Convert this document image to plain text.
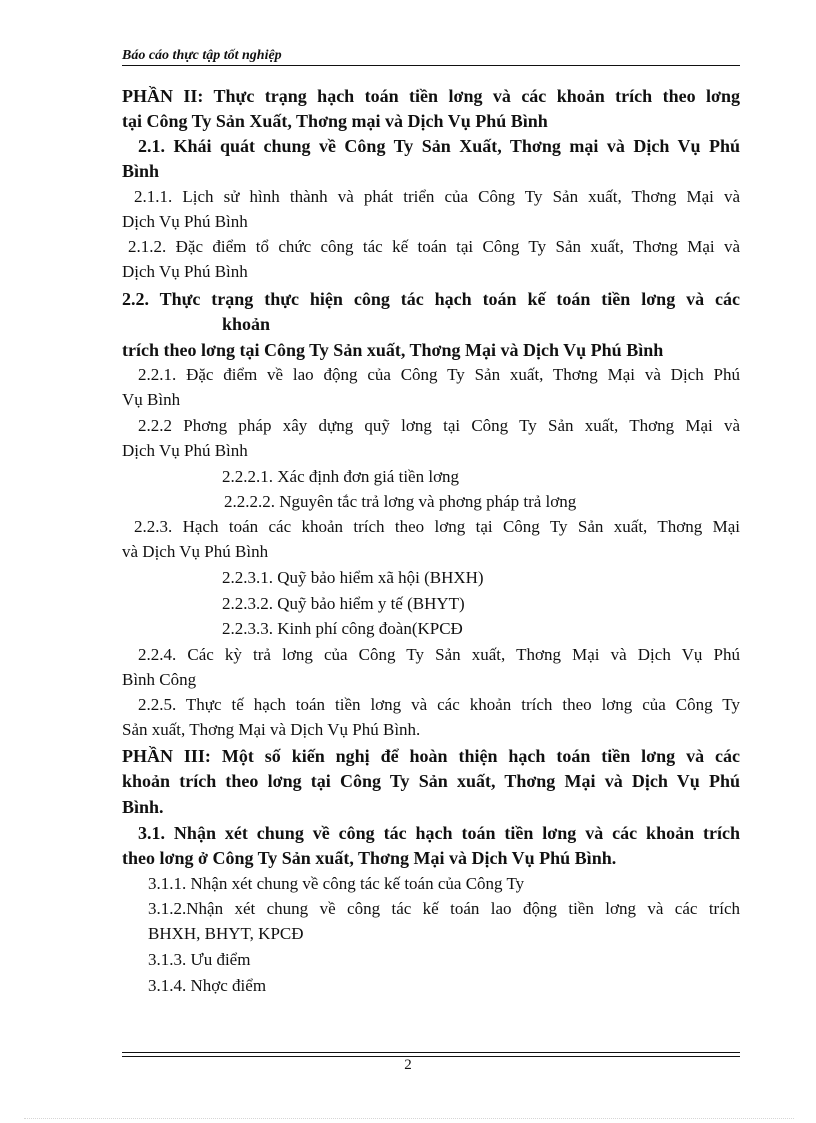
Báo cáo thực tập tốt nghiệp
PHẦN II: Thực trạng hạch toán tiền lơng và các khoản trích theo lơng
tại Công Ty Sản Xuất, Thơng mại và Dịch Vụ Phú Bình
2.1. Khái quát chung về Công Ty Sản Xuất, Thơng mại và Dịch Vụ Phú
Bình
2.1.1. Lịch sử hình thành và phát triển của Công Ty Sản xuất, Thơng Mại và
Dịch Vụ Phú Bình
2.1.2. Đặc điểm tổ chức công tác kế toán tại Công Ty Sản xuất, Thơng Mại và
Dịch Vụ Phú Bình
2.2. Thực trạng thực hiện công tác hạch toán kế toán tiền lơng và các
khoản
trích theo lơng tại Công Ty Sản xuất, Thơng Mại và Dịch Vụ Phú Bình
2.2.1. Đặc điểm về lao động của Công Ty Sản xuất, Thơng Mại và Dịch Phú
Vụ Bình
2.2.2 Phơng pháp xây dựng quỹ lơng tại Công Ty Sản xuất, Thơng Mại và
Dịch Vụ Phú Bình
2.2.2.1. Xác định đơn giá tiền lơng
2.2.2.2. Nguyên tắc trả lơng và phơng pháp trả lơng
2.2.3. Hạch toán các khoản trích theo lơng tại Công Ty Sản xuất, Thơng Mại
và Dịch Vụ Phú Bình
2.2.3.1. Quỹ bảo hiểm xã hội (BHXH)
2.2.3.2. Quỹ bảo hiểm y tế (BHYT)
2.2.3.3. Kinh phí công đoàn(KPCĐ
2.2.4. Các kỳ trả lơng của Công Ty Sản xuất, Thơng Mại và Dịch Vụ Phú
Bình Công
2.2.5. Thực tế hạch toán tiền lơng và các khoản trích theo lơng của Công Ty
Sản xuất, Thơng Mại và Dịch Vụ Phú Bình.
PHẦN III: Một số kiến nghị để hoàn thiện hạch toán tiền lơng và các
khoản trích theo lơng tại Công Ty Sản xuất, Thơng Mại và Dịch Vụ Phú
Bình.
3.1. Nhận xét chung về công tác hạch toán tiền lơng và các khoản trích
theo lơng ở Công Ty Sản xuất, Thơng Mại và Dịch Vụ Phú Bình.
3.1.1. Nhận xét chung về công tác kế toán của Công Ty
3.1.2.Nhận xét chung về công tác kế toán lao động tiền lơng và các trích
BHXH, BHYT, KPCĐ
3.1.3. Ưu điểm
3.1.4. Nhợc điểm
2
